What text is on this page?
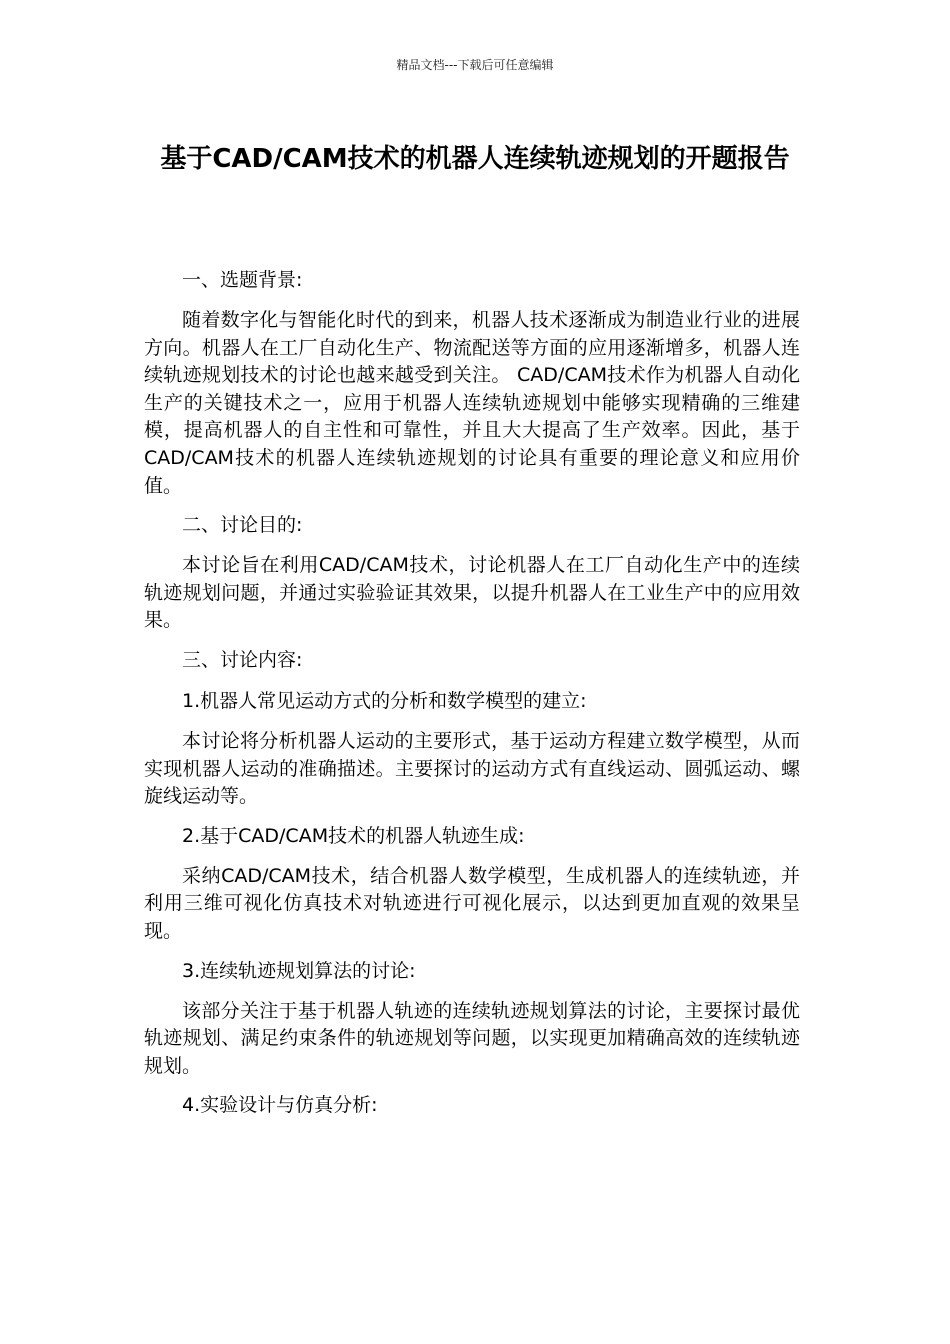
精品文档---下载后可任意编辑
基于CAD/CAM技术的机器人连续轨迹规划的开题报告

一、选题背景:

随着数字化与智能化时代的到来，机器人技术逐渐成为制造业行业的进展方向。机器人在工厂自动化生产、物流配送等方面的应用逐渐增多，机器人连续轨迹规划技术的讨论也越来越受到关注。 CAD/CAM技术作为机器人自动化生产的关键技术之一，应用于机器人连续轨迹规划中能够实现精确的三维建模，提高机器人的自主性和可靠性，并且大大提高了生产效率。因此，基于CAD/CAM技术的机器人连续轨迹规划的讨论具有重要的理论意义和应用价值。

二、讨论目的:

本讨论旨在利用CAD/CAM技术，讨论机器人在工厂自动化生产中的连续轨迹规划问题，并通过实验验证其效果，以提升机器人在工业生产中的应用效果。

三、讨论内容:

1.机器人常见运动方式的分析和数学模型的建立:

本讨论将分析机器人运动的主要形式，基于运动方程建立数学模型，从而实现机器人运动的准确描述。主要探讨的运动方式有直线运动、圆弧运动、螺旋线运动等。

2.基于CAD/CAM技术的机器人轨迹生成:

采纳CAD/CAM技术，结合机器人数学模型，生成机器人的连续轨迹，并利用三维可视化仿真技术对轨迹进行可视化展示，以达到更加直观的效果呈现。

3.连续轨迹规划算法的讨论:

该部分关注于基于机器人轨迹的连续轨迹规划算法的讨论，主要探讨最优轨迹规划、满足约束条件的轨迹规划等问题，以实现更加精确高效的连续轨迹规划。

4.实验设计与仿真分析:
